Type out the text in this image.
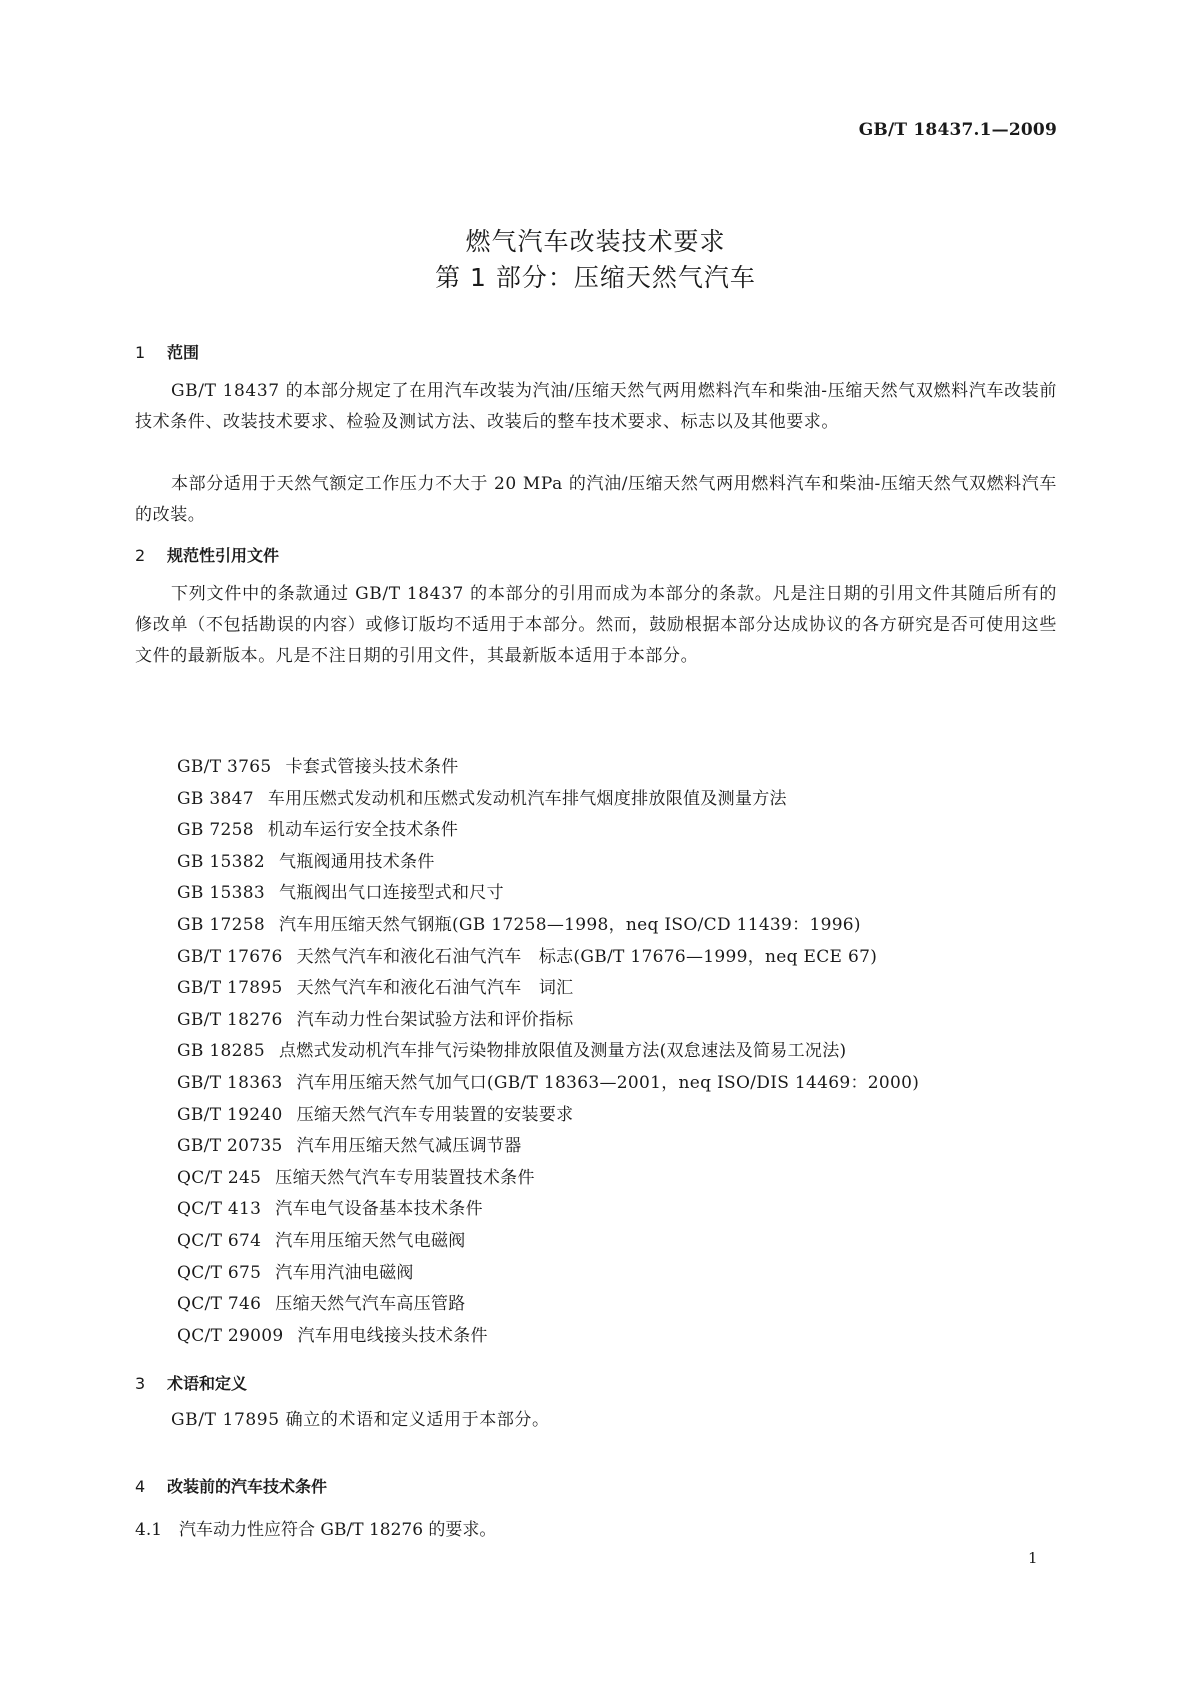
GB/T 18437.1—2009
燃气汽车改装技术要求
第 1 部分：压缩天然气汽车
1 范围
GB/T 18437 的本部分规定了在用汽车改装为汽油/压缩天然气两用燃料汽车和柴油-压缩天然气双燃料汽车改装前技术条件、改装技术要求、检验及测试方法、改装后的整车技术要求、标志以及其他要求。
本部分适用于天然气额定工作压力不大于 20 MPa 的汽油/压缩天然气两用燃料汽车和柴油-压缩天然气双燃料汽车的改装。
2 规范性引用文件
下列文件中的条款通过 GB/T 18437 的本部分的引用而成为本部分的条款。凡是注日期的引用文件其随后所有的修改单（不包括勘误的内容）或修订版均不适用于本部分。然而，鼓励根据本部分达成协议的各方研究是否可使用这些文件的最新版本。凡是不注日期的引用文件，其最新版本适用于本部分。
GB/T 3765 卡套式管接头技术条件
GB 3847 车用压燃式发动机和压燃式发动机汽车排气烟度排放限值及测量方法
GB 7258 机动车运行安全技术条件
GB 15382 气瓶阀通用技术条件
GB 15383 气瓶阀出气口连接型式和尺寸
GB 17258 汽车用压缩天然气钢瓶(GB 17258—1998，neq ISO/CD 11439：1996)
GB/T 17676 天然气汽车和液化石油气汽车　标志(GB/T 17676—1999，neq ECE 67)
GB/T 17895 天然气汽车和液化石油气汽车　词汇
GB/T 18276 汽车动力性台架试验方法和评价指标
GB 18285 点燃式发动机汽车排气污染物排放限值及测量方法(双怠速法及简易工况法)
GB/T 18363 汽车用压缩天然气加气口(GB/T 18363—2001，neq ISO/DIS 14469：2000)
GB/T 19240 压缩天然气汽车专用装置的安装要求
GB/T 20735 汽车用压缩天然气减压调节器
QC/T 245 压缩天然气汽车专用装置技术条件
QC/T 413 汽车电气设备基本技术条件
QC/T 674 汽车用压缩天然气电磁阀
QC/T 675 汽车用汽油电磁阀
QC/T 746 压缩天然气汽车高压管路
QC/T 29009 汽车用电线接头技术条件
3 术语和定义
GB/T 17895 确立的术语和定义适用于本部分。
4 改装前的汽车技术条件
4.1 汽车动力性应符合 GB/T 18276 的要求。
1
